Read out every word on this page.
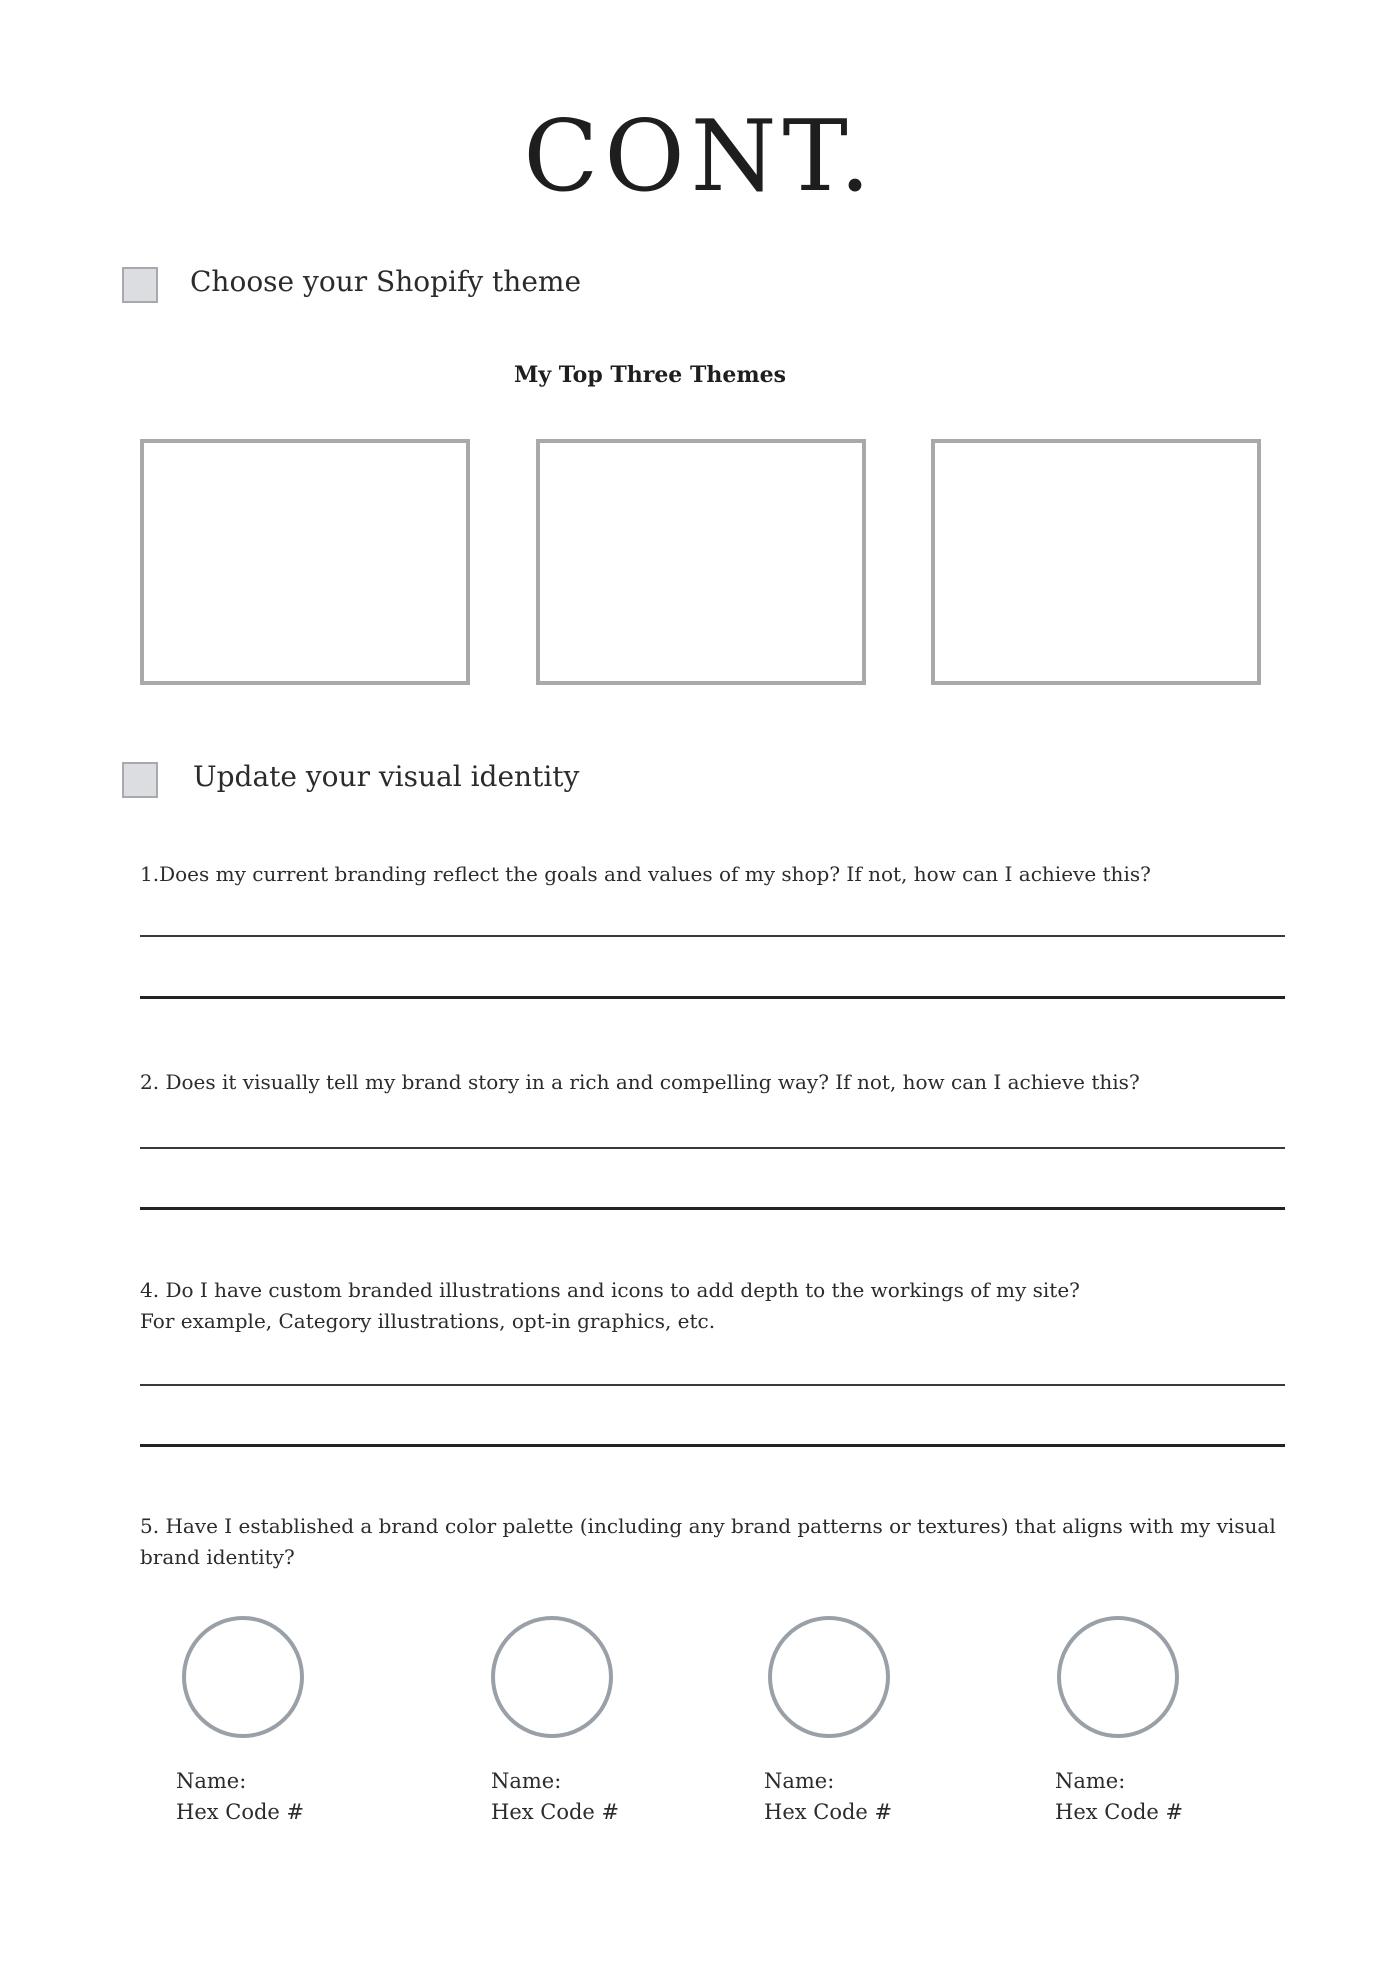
CONT.
Choose your Shopify theme
My Top Three Themes
Update your visual identity
1.Does my current branding reflect the goals and values of my shop? If not, how can I achieve this?
2. Does it visually tell my brand story in a rich and compelling way? If not, how can I achieve this?
4. Do I have custom branded illustrations and icons to add depth to the workings of my site?
For example, Category illustrations, opt-in graphics, etc.
5. Have I established a brand color palette (including any brand patterns or textures) that aligns with my visual
brand identity?
Name:
Hex Code #
Name:
Hex Code #
Name:
Hex Code #
Name:
Hex Code #
